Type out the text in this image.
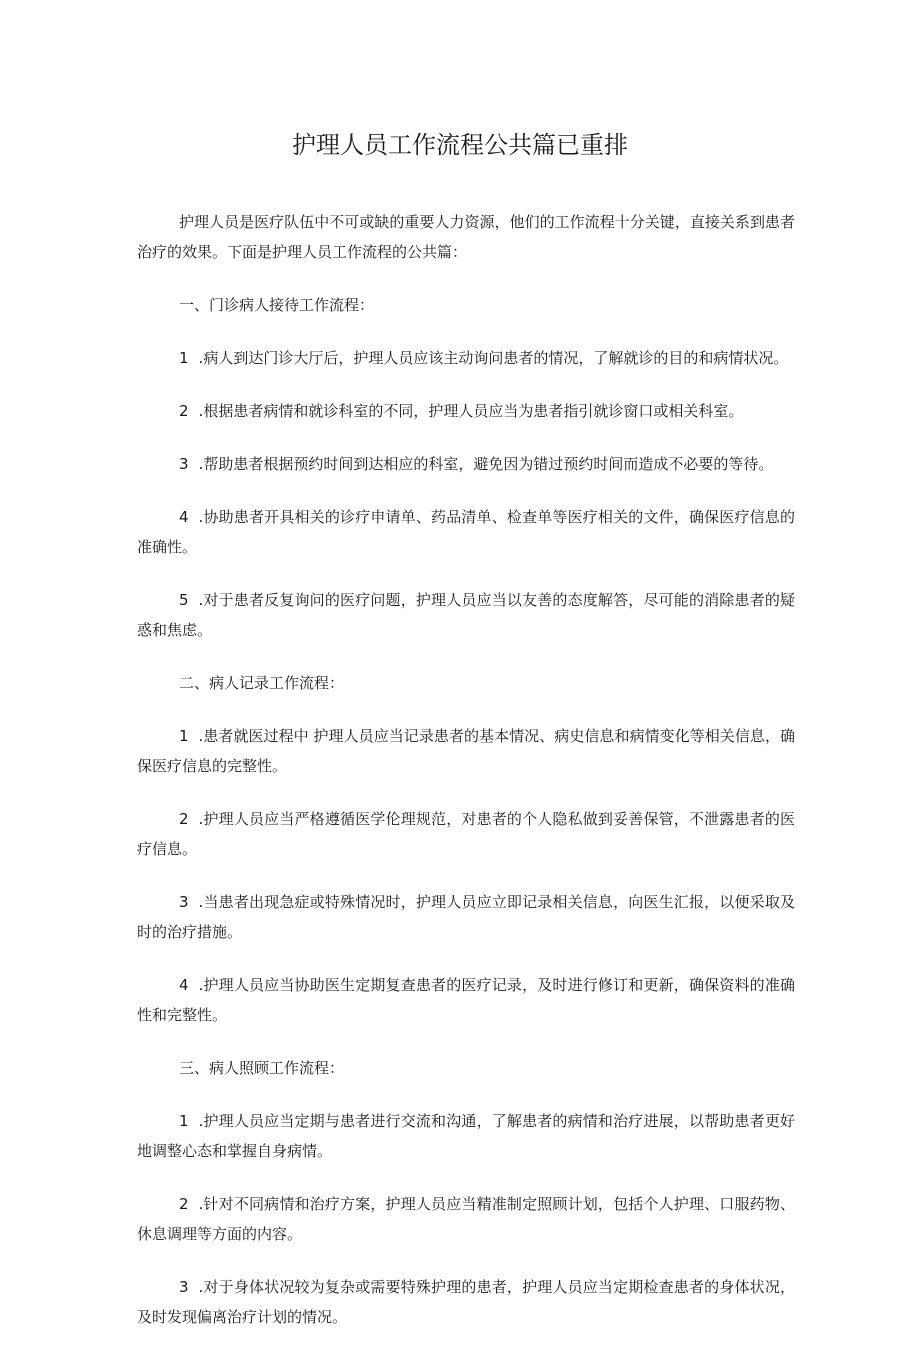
护理人员工作流程公共篇已重排

护理人员是医疗队伍中不可或缺的重要人力资源，他们的工作流程十分关键，直接关系到患者治疗的效果。下面是护理人员工作流程的公共篇：

一、门诊病人接待工作流程：

1 .病人到达门诊大厅后，护理人员应该主动询问患者的情况，了解就诊的目的和病情状况。

2 .根据患者病情和就诊科室的不同，护理人员应当为患者指引就诊窗口或相关科室。

3 .帮助患者根据预约时间到达相应的科室，避免因为错过预约时间而造成不必要的等待。

4 .协助患者开具相关的诊疗申请单、药品清单、检查单等医疗相关的文件，确保医疗信息的准确性。

5 .对于患者反复询问的医疗问题，护理人员应当以友善的态度解答，尽可能的消除患者的疑惑和焦虑。

二、病人记录工作流程：

1 .患者就医过程中 护理人员应当记录患者的基本情况、病史信息和病情变化等相关信息，确保医疗信息的完整性。

2 .护理人员应当严格遵循医学伦理规范，对患者的个人隐私做到妥善保管，不泄露患者的医疗信息。

3 .当患者出现急症或特殊情况时，护理人员应立即记录相关信息，向医生汇报，以便采取及时的治疗措施。

4 .护理人员应当协助医生定期复查患者的医疗记录，及时进行修订和更新，确保资料的准确性和完整性。

三、病人照顾工作流程：

1 .护理人员应当定期与患者进行交流和沟通，了解患者的病情和治疗进展，以帮助患者更好地调整心态和掌握自身病情。

2 .针对不同病情和治疗方案，护理人员应当精准制定照顾计划，包括个人护理、口服药物、休息调理等方面的内容。

3 .对于身体状况较为复杂或需要特殊护理的患者，护理人员应当定期检查患者的身体状况，及时发现偏离治疗计划的情况。
